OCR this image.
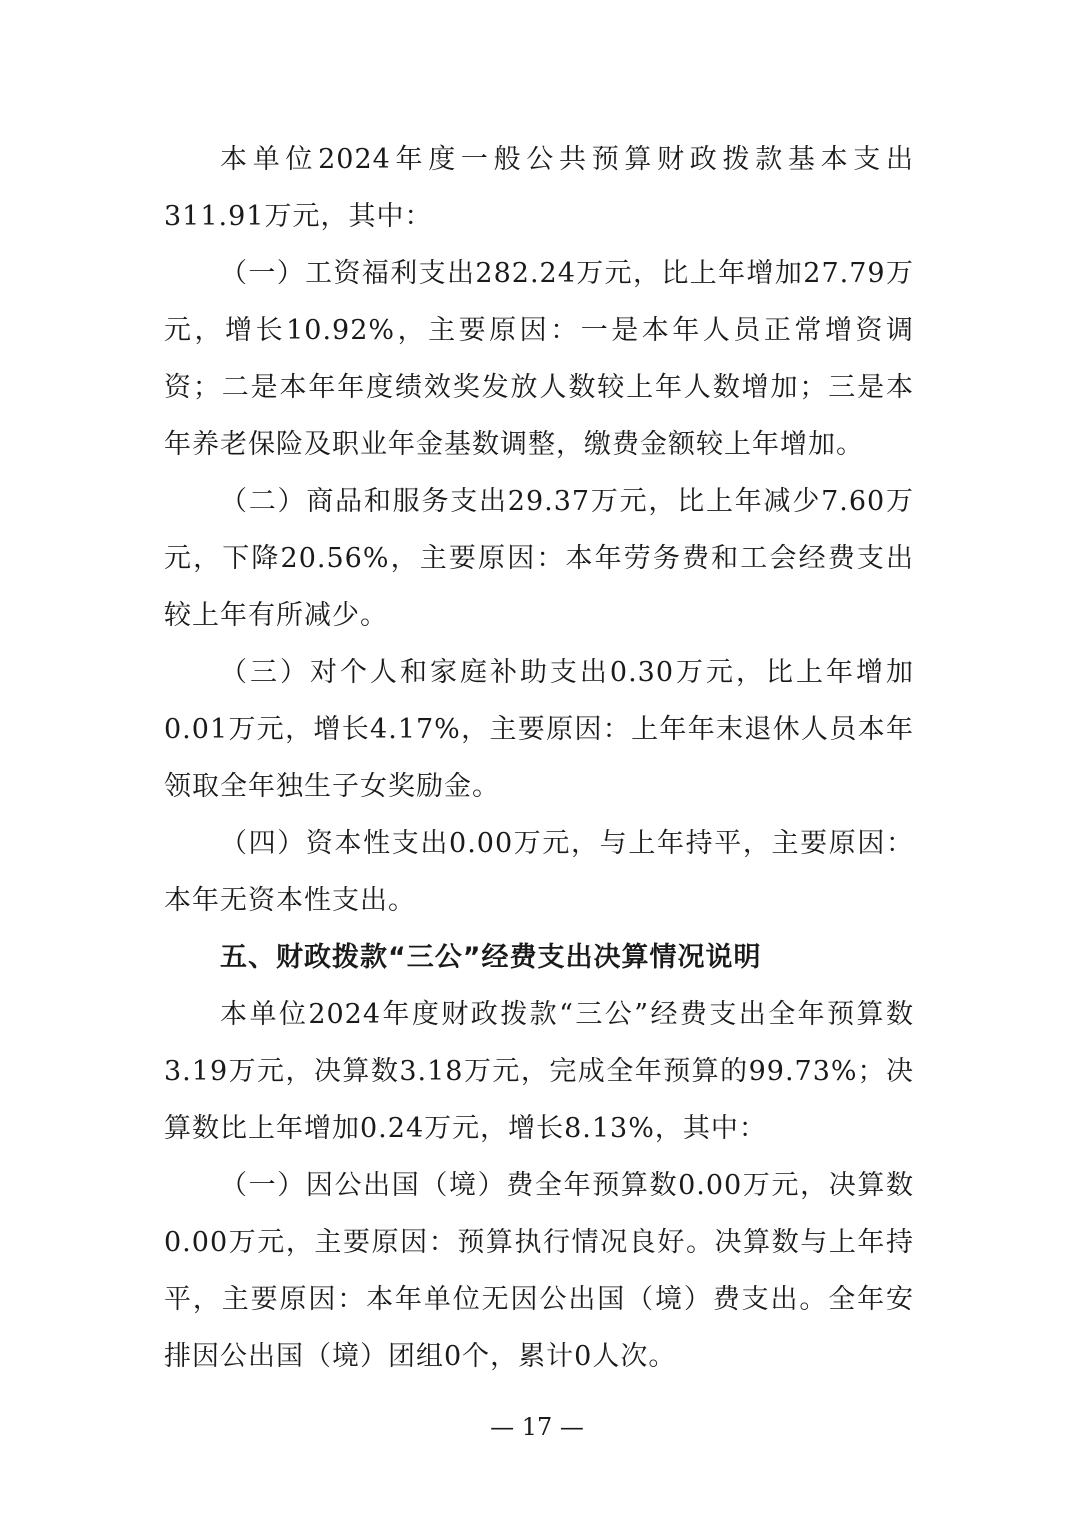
本单位2024年度一般公共预算财政拨款基本支出311.91万元，其中：

（一）工资福利支出282.24万元，比上年增加27.79万元，增长10.92%，主要原因：一是本年人员正常增资调资；二是本年年度绩效奖发放人数较上年人数增加；三是本年养老保险及职业年金基数调整，缴费金额较上年增加。

（二）商品和服务支出29.37万元，比上年减少7.60万元，下降20.56%，主要原因：本年劳务费和工会经费支出较上年有所减少。

（三）对个人和家庭补助支出0.30万元，比上年增加0.01万元，增长4.17%，主要原因：上年年末退休人员本年领取全年独生子女奖励金。

（四）资本性支出0.00万元，与上年持平，主要原因：本年无资本性支出。

五、财政拨款“三公”经费支出决算情况说明

本单位2024年度财政拨款“三公”经费支出全年预算数3.19万元，决算数3.18万元，完成全年预算的99.73%；决算数比上年增加0.24万元，增长8.13%，其中：

（一）因公出国（境）费全年预算数0.00万元，决算数0.00万元，主要原因：预算执行情况良好。决算数与上年持平，主要原因：本年单位无因公出国（境）费支出。全年安排因公出国（境）团组0个，累计0人次。

— 17 —
